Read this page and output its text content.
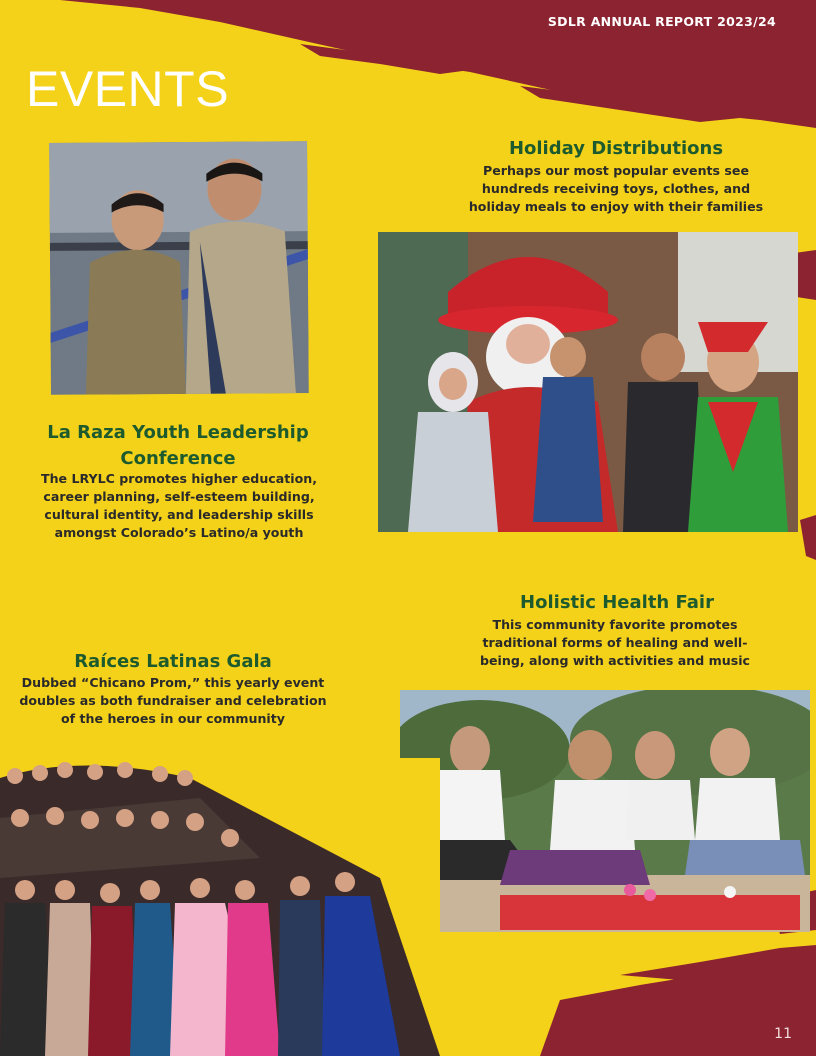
SDLR ANNUAL REPORT 2023/24
EVENTS
Holiday Distributions
Perhaps our most popular events see hundreds receiving toys, clothes, and holiday meals to enjoy with their families
La Raza Youth Leadership Conference
The LRYLC promotes higher education, career planning, self-esteem building, cultural identity, and leadership skills amongst Colorado’s Latino/a youth
Holistic Health Fair
This community favorite promotes traditional forms of healing and well-being, along with activities and music
Raíces Latinas Gala
Dubbed “Chicano Prom,” this yearly event doubles as both fundraiser and celebration of the heroes in our community
11
